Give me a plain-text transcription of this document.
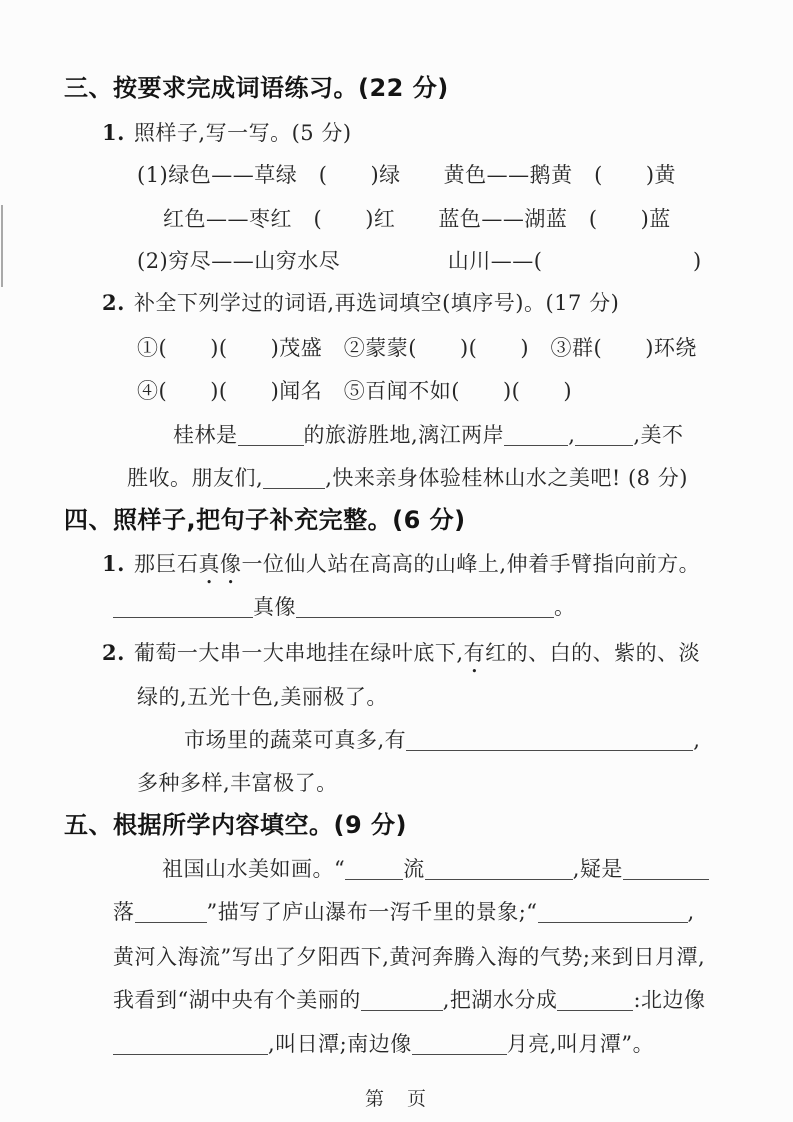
三、按要求完成词语练习。(22 分)
1. 照样子,写一写。(5 分)
(1)绿色——草绿　(　　)绿　　黄色——鹅黄　(　　)黄
红色——枣红　(　　)红　　蓝色——湖蓝　(　　)蓝
(2)穷尽——山穷水尽　　　　　山川——(　　　　　　　)
2. 补全下列学过的词语,再选词填空(填序号)。(17 分)
①(　　)(　　)茂盛　②蒙蒙(　　)(　　)　③群(　　)环绕
④(　　)(　　)闻名　⑤百闻不如(　　)(　　)
桂林是	的旅游胜地,漓江两岸	,	,美不
胜收。朋友们,	,快来亲身体验桂林山水之美吧! (8 分)
四、照样子,把句子补充完整。(6 分)
1. 那巨石真像一位仙人站在高高的山峰上,伸着手臂指向前方。
真像	。
2. 葡萄一大串一大串地挂在绿叶底下,有红的、白的、紫的、淡
绿的,五光十色,美丽极了。
市场里的蔬菜可真多,有	,
多种多样,丰富极了。
五、根据所学内容填空。(9 分)
祖国山水美如画。“	流	,疑是
落	”描写了庐山瀑布一泻千里的景象;“	,
黄河入海流”写出了夕阳西下,黄河奔腾入海的气势;来到日月潭,
我看到“湖中央有个美丽的	,把湖水分成	:北边像
,叫日潭;南边像	月亮,叫月潭”。
第　页
